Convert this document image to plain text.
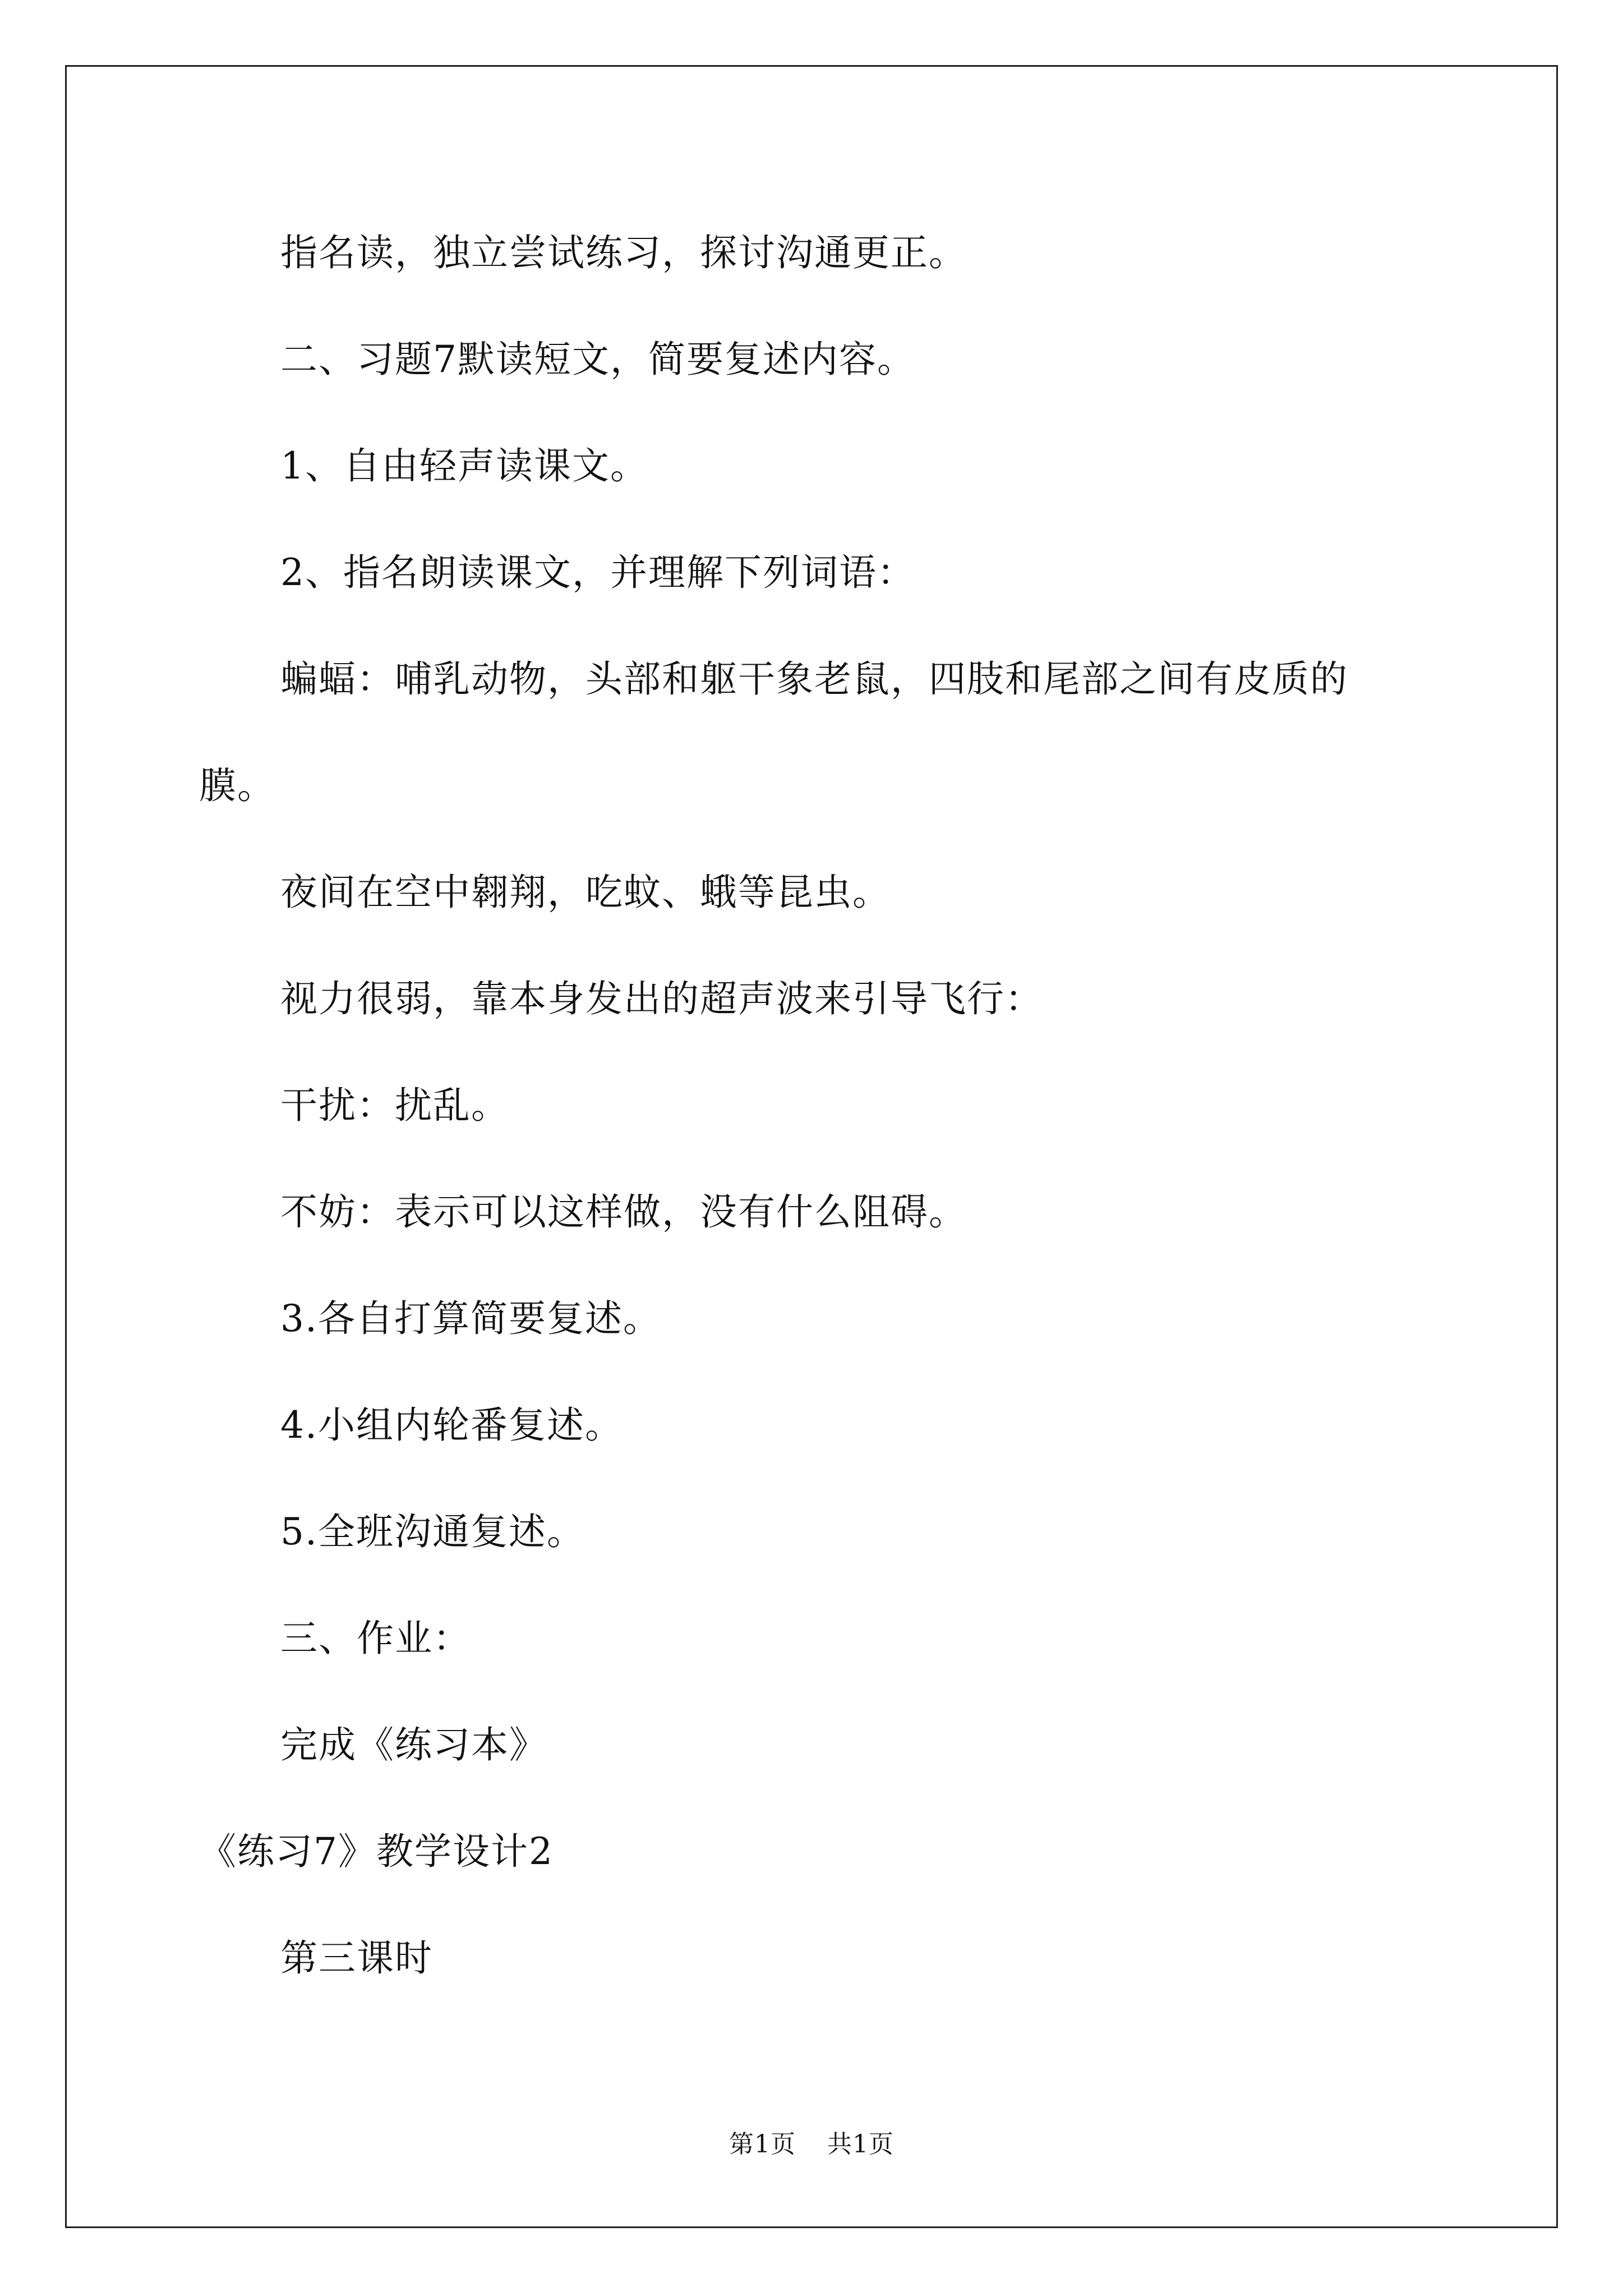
指名读，独立尝试练习，探讨沟通更正。
二、习题7默读短文，简要复述内容。
1、自由轻声读课文。
2、指名朗读课文，并理解下列词语：
蝙蝠：哺乳动物，头部和躯干象老鼠，四肢和尾部之间有皮质的
膜。
夜间在空中翱翔，吃蚊、蛾等昆虫。
视力很弱，靠本身发出的超声波来引导飞行：
干扰：扰乱。
不妨：表示可以这样做，没有什么阻碍。
3.各自打算简要复述。
4.小组内轮番复述。
5.全班沟通复述。
三、作业：
完成《练习本》
《练习7》教学设计2
第三课时
第1页 共1页
